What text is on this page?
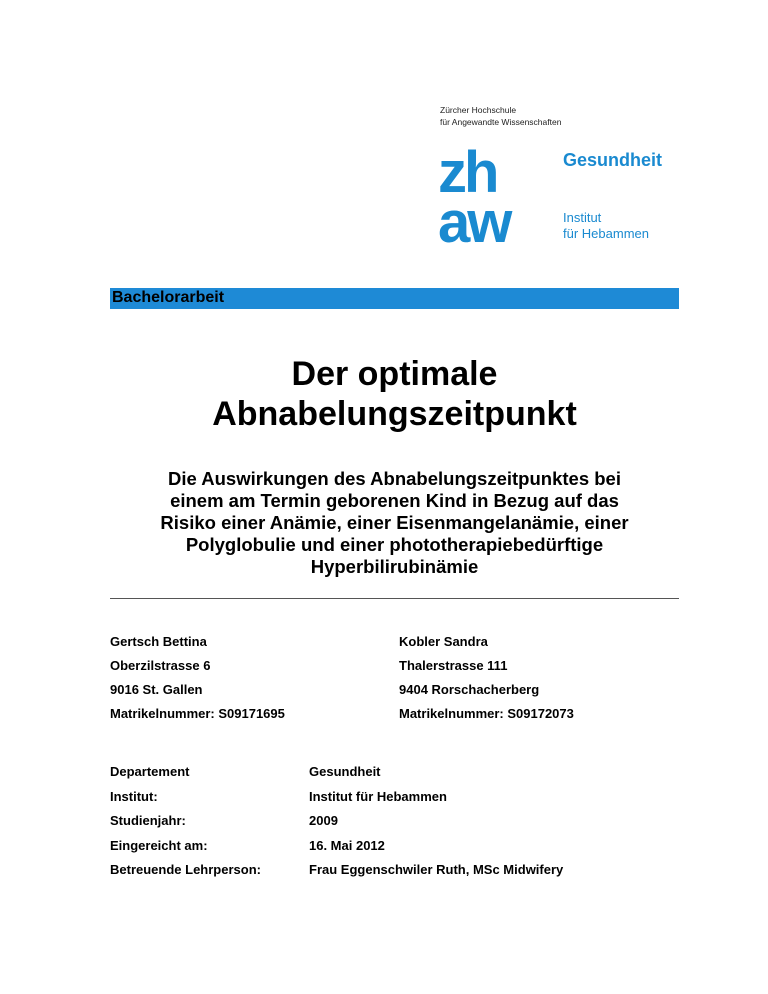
Zürcher Hochschule
für Angewandte Wissenschaften
zh
aw
Gesundheit
Institut
für Hebammen
Bachelorarbeit
Der optimale
Abnabelungszeitpunkt
Die Auswirkungen des Abnabelungszeitpunktes bei
einem am Termin geborenen Kind in Bezug auf das
Risiko einer Anämie, einer Eisenmangelanämie, einer
Polyglobulie und einer phototherapiebedürftige
Hyperbilirubinämie
Gertsch Bettina
Oberzilstrasse 6
9016 St. Gallen
Matrikelnummer: S09171695
Kobler Sandra
Thalerstrasse 111
9404 Rorschacherberg
Matrikelnummer: S09172073
Departement	Gesundheit
Institut:	Institut für Hebammen
Studienjahr:	2009
Eingereicht am:	16. Mai 2012
Betreuende Lehrperson:	Frau Eggenschwiler Ruth, MSc Midwifery
